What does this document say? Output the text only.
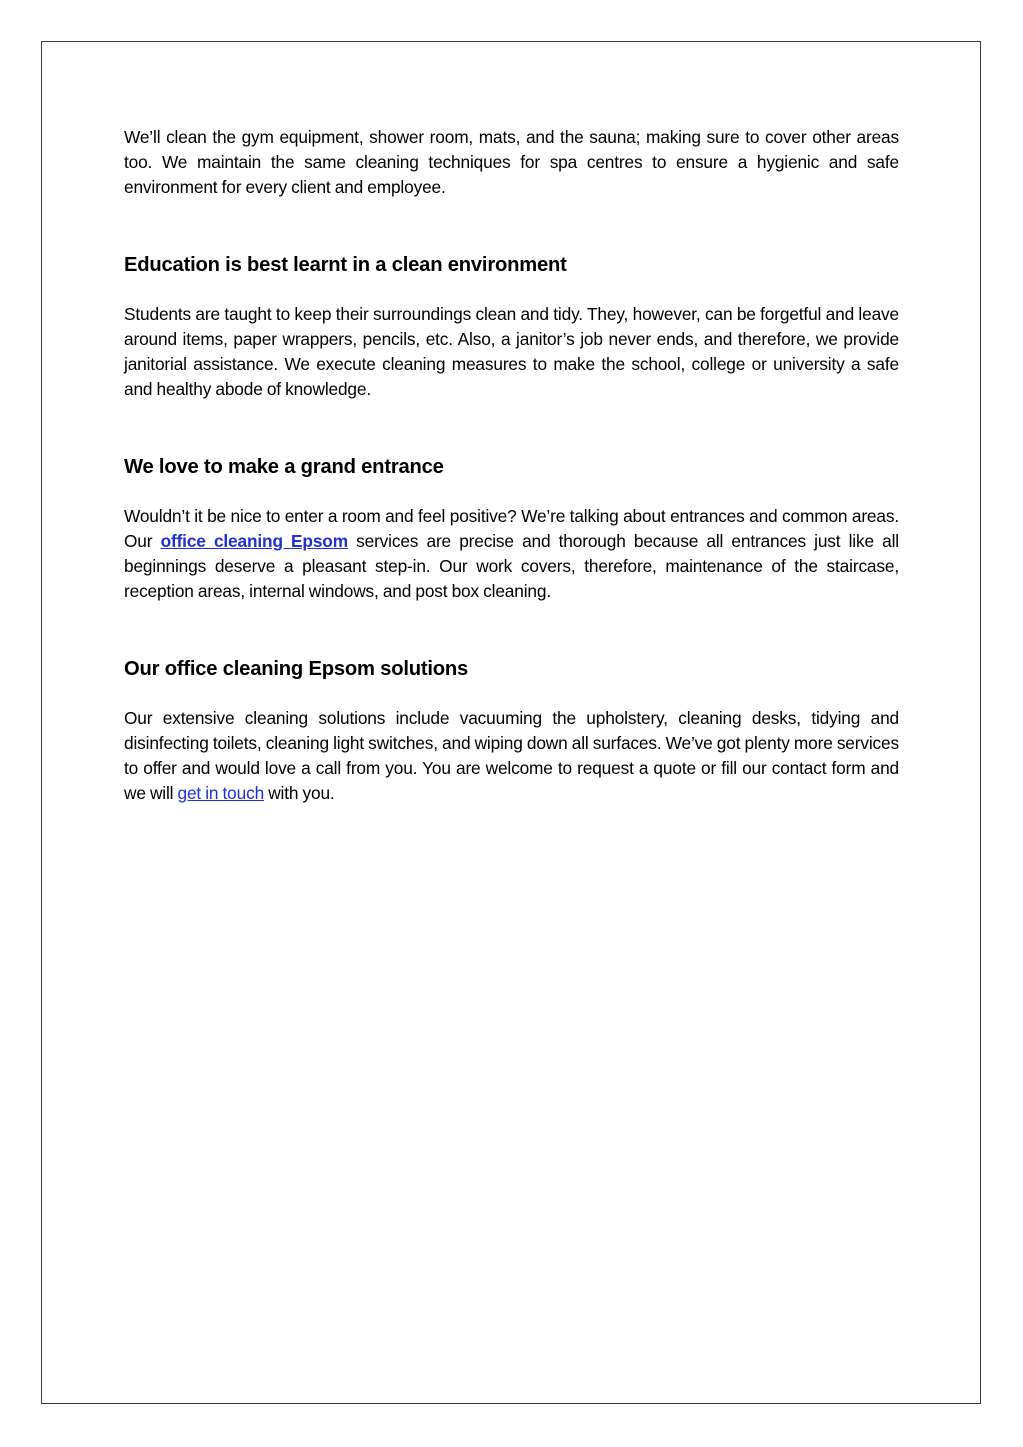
We’ll clean the gym equipment, shower room, mats, and the sauna; making sure to cover other areas too. We maintain the same cleaning techniques for spa centres to ensure a hygienic and safe environment for every client and employee.

Education is best learnt in a clean environment

Students are taught to keep their surroundings clean and tidy. They, however, can be forgetful and leave around items, paper wrappers, pencils, etc. Also, a janitor’s job never ends, and therefore, we provide janitorial assistance. We execute cleaning measures to make the school, college or university a safe and healthy abode of knowledge.

We love to make a grand entrance

Wouldn’t it be nice to enter a room and feel positive? We’re talking about entrances and common areas. Our office cleaning Epsom services are precise and thorough because all entrances just like all beginnings deserve a pleasant step-in. Our work covers, therefore, maintenance of the staircase, reception areas, internal windows, and post box cleaning.

Our office cleaning Epsom solutions

Our extensive cleaning solutions include vacuuming the upholstery, cleaning desks, tidying and disinfecting toilets, cleaning light switches, and wiping down all surfaces. We’ve got plenty more services to offer and would love a call from you. You are welcome to request a quote or fill our contact form and we will get in touch with you.
